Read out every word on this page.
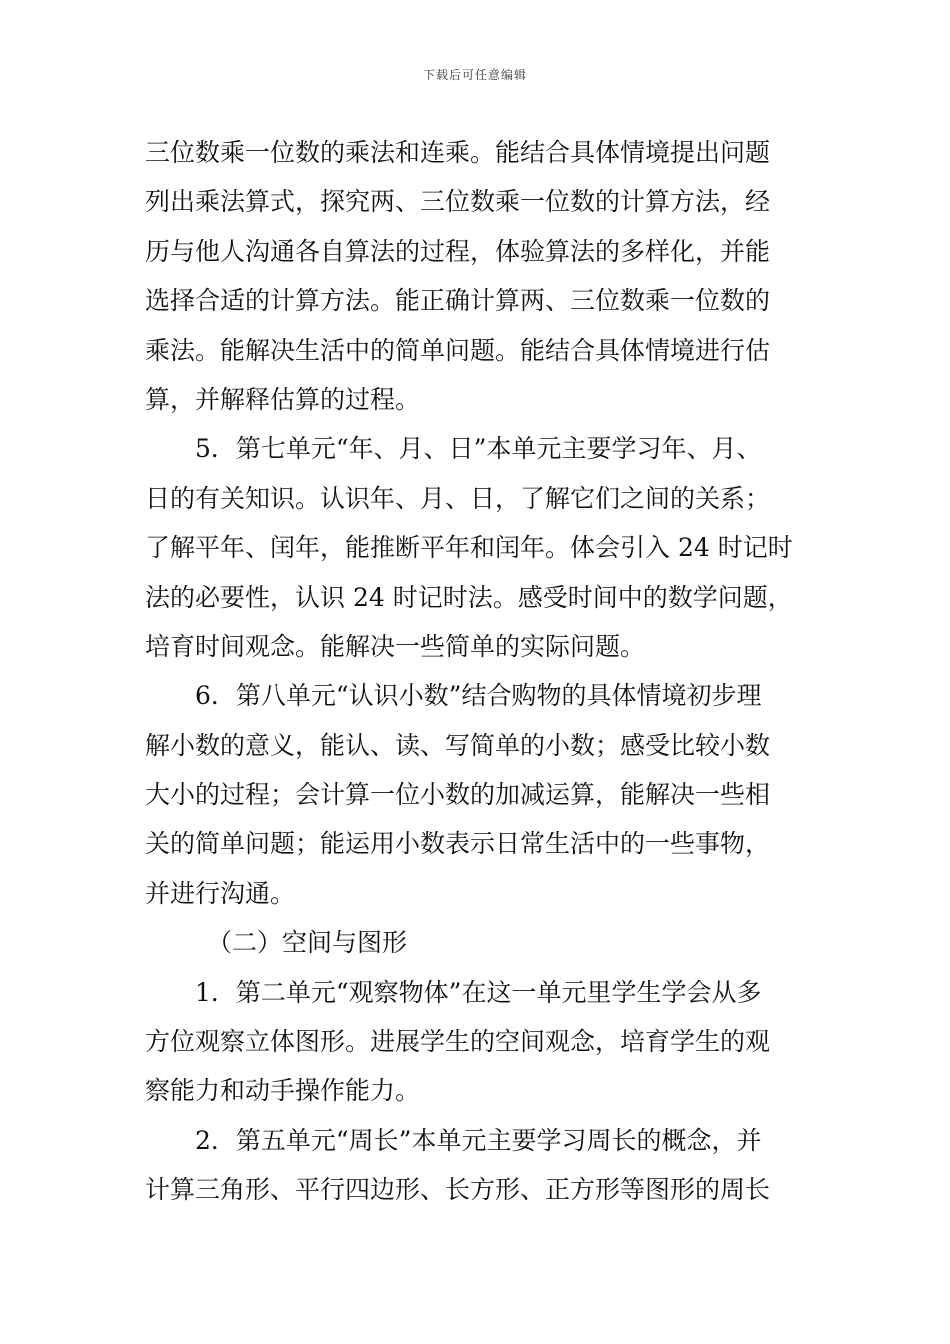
下载后可任意编辑
三位数乘一位数的乘法和连乘。能结合具体情境提出问题
列出乘法算式，探究两、三位数乘一位数的计算方法，经
历与他人沟通各自算法的过程，体验算法的多样化，并能
选择合适的计算方法。能正确计算两、三位数乘一位数的
乘法。能解决生活中的简单问题。能结合具体情境进行估
算，并解释估算的过程。
5．第七单元“年、月、日”本单元主要学习年、月、
日的有关知识。认识年、月、日，了解它们之间的关系；
了解平年、闰年，能推断平年和闰年。体会引入 24 时记时
法的必要性，认识 24 时记时法。感受时间中的数学问题，
培育时间观念。能解决一些简单的实际问题。
6．第八单元“认识小数”结合购物的具体情境初步理
解小数的意义，能认、读、写简单的小数；感受比较小数
大小的过程；会计算一位小数的加减运算，能解决一些相
关的简单问题；能运用小数表示日常生活中的一些事物，
并进行沟通。
（二）空间与图形
1．第二单元“观察物体”在这一单元里学生学会从多
方位观察立体图形。进展学生的空间观念，培育学生的观
察能力和动手操作能力。
2．第五单元“周长”本单元主要学习周长的概念，并
计算三角形、平行四边形、长方形、正方形等图形的周长
